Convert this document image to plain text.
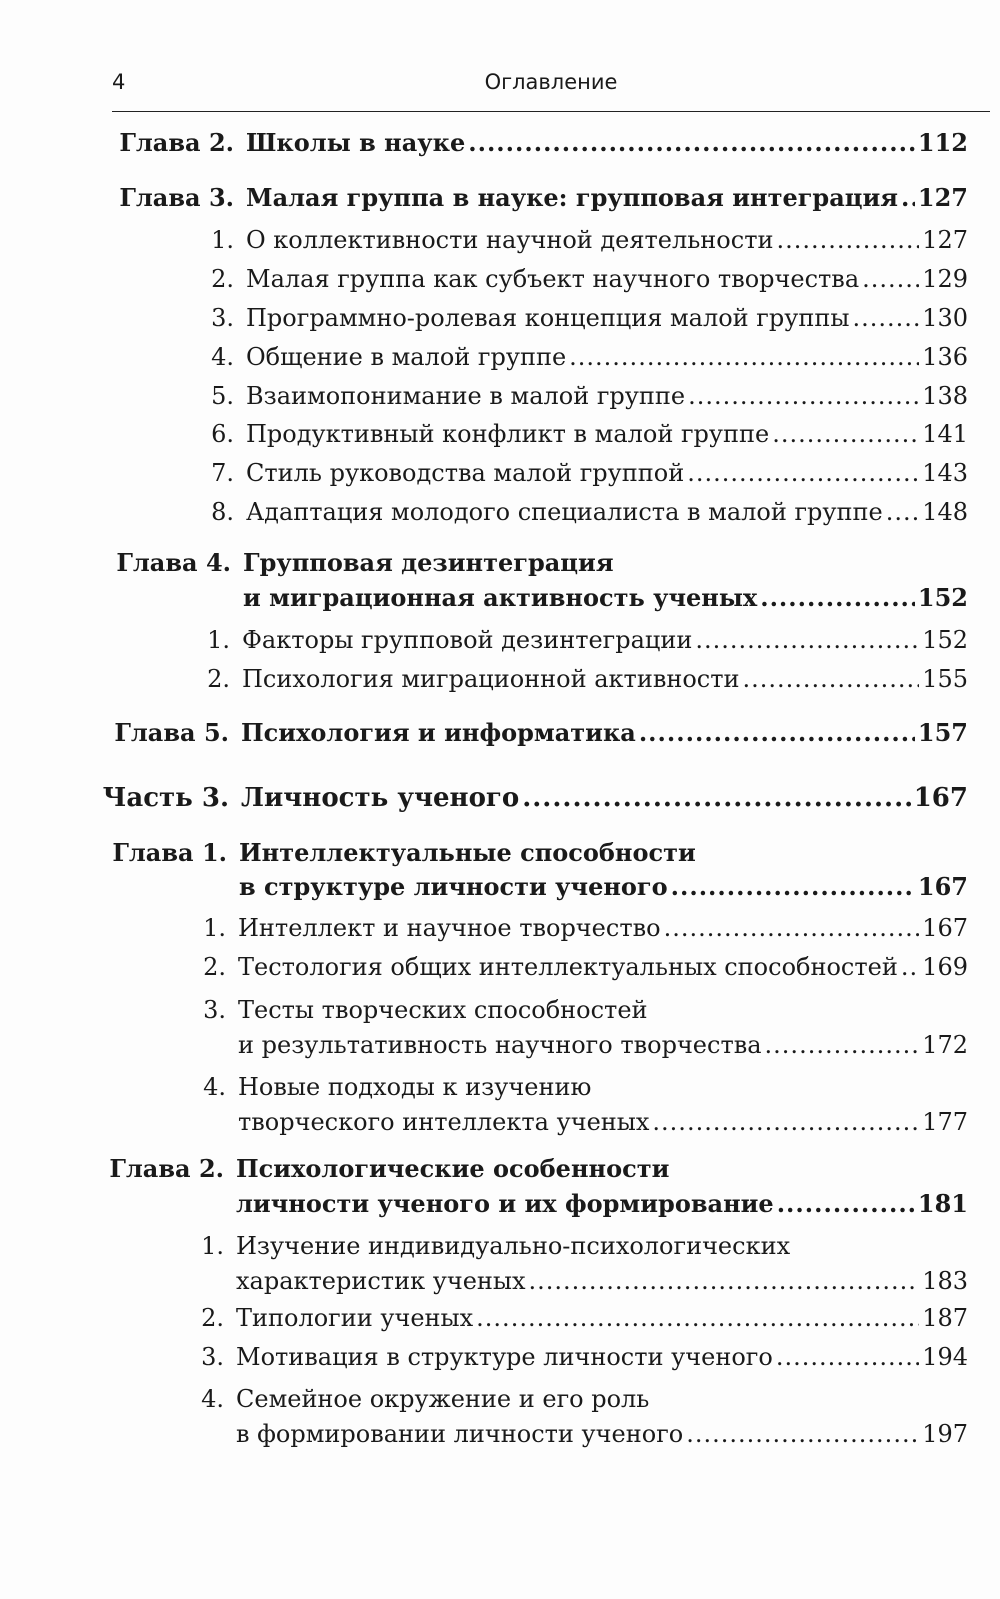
4	Оглавление
Глава 2. Школы в науке .....	112
Глава 3. Малая группа в науке: групповая интеграция ..... 127
1. О коллективности научной деятельности .....	127
2. Малая группа как субъект научного творчества .....	129
3. Программно-ролевая концепция малой группы .....	130
4. Общение в малой группе .....	136
5. Взаимопонимание в малой группе .....	138
6. Продуктивный конфликт в малой группе .....	141
7. Стиль руководства малой группой .....	143
8. Адаптация молодого специалиста в малой группе ..... 148
Глава 4. Групповая дезинтеграция
и миграционная активность ученых .....	152
1. Факторы групповой дезинтеграции .....	152
2. Психология миграционной активности .....	155
Глава 5. Психология и информатика .....	157
Часть 3. Личность ученого .....	167
Глава 1. Интеллектуальные способности
в структуре личности ученого .....	167
1. Интеллект и научное творчество .....	167
2. Тестология общих интеллектуальных способностей ..... 169
3. Тесты творческих способностей
и результативность научного творчества .....	172
4. Новые подходы к изучению
творческого интеллекта ученых .....	177
Глава 2. Психологические особенности
личности ученого и их формирование .....	181
1. Изучение индивидуально-психологических
характеристик ученых .....	183
2. Типологии ученых .....	187
3. Мотивация в структуре личности ученого .....	194
4. Семейное окружение и его роль
в формировании личности ученого .....	197
